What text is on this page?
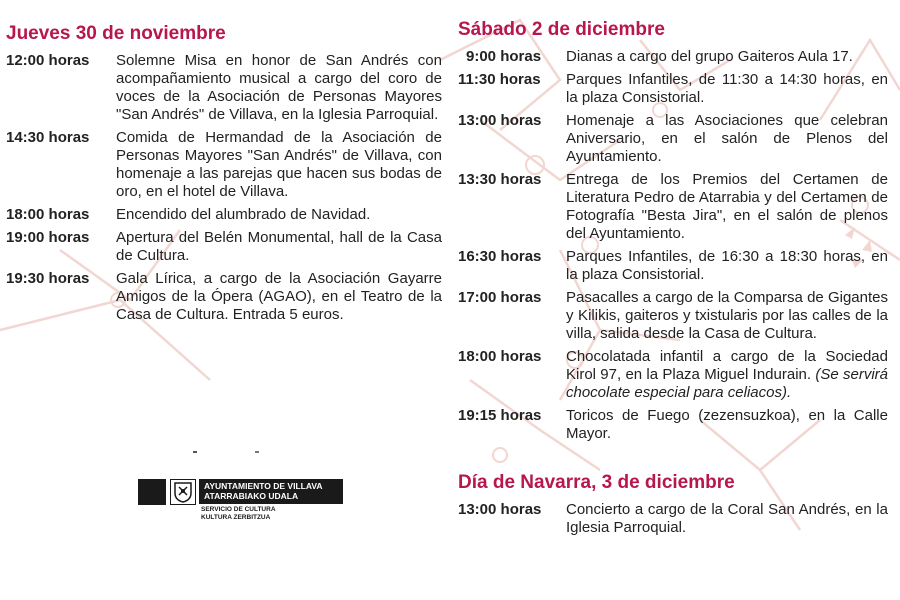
Jueves 30 de noviembre
12:00 horas	Solemne Misa en honor de San Andrés con acompañamiento musical a cargo del coro de voces de la Asociación de Personas Mayores "San Andrés" de Villava, en la Iglesia Parroquial.
14:30 horas	Comida de Hermandad de la Asociación de Personas Mayores "San Andrés" de Villava, con homenaje a las parejas que hacen sus bodas de oro, en el hotel de Villava.
18:00 horas	Encendido del alumbrado de Navidad.
19:00 horas	Apertura del Belén Monumental, hall de la Casa de Cultura.
19:30 horas	Gala Lírica, a cargo de la Asociación Gayarre Amigos de la Ópera (AGAO), en el Teatro de la Casa de Cultura. Entrada 5 euros.
Sábado 2 de diciembre
9:00 horas	Dianas a cargo del grupo Gaiteros Aula 17.
11:30 horas	Parques Infantiles, de 11:30 a 14:30 horas, en la plaza Consistorial.
13:00 horas	Homenaje a las Asociaciones que celebran Aniversario, en el salón de Plenos del Ayuntamiento.
13:30 horas	Entrega de los Premios del Certamen de Literatura Pedro de Atarrabia y del Certamen de Fotografía "Besta Jira", en el salón de plenos del Ayuntamiento.
16:30 horas	Parques Infantiles, de 16:30 a 18:30 horas, en la plaza Consistorial.
17:00 horas	Pasacalles a cargo de la Comparsa de Gigantes y Kilikis, gaiteros y txistularis por las calles de la villa, salida desde la Casa de Cultura.
18:00 horas	Chocolatada infantil a cargo de la Sociedad Kirol 97, en la Plaza Miguel Indurain. (Se servirá chocolate especial para celiacos).
19:15 horas	Toricos de Fuego (zezensuzkoa), en la Calle Mayor.
Día de Navarra, 3 de diciembre
13:00 horas	Concierto a cargo de la Coral San Andrés, en la Iglesia Parroquial.
AYUNTAMIENTO DE VILLAVA
ATARRABIAKO UDALA
SERVICIO DE CULTURA
KULTURA ZERBITZUA
